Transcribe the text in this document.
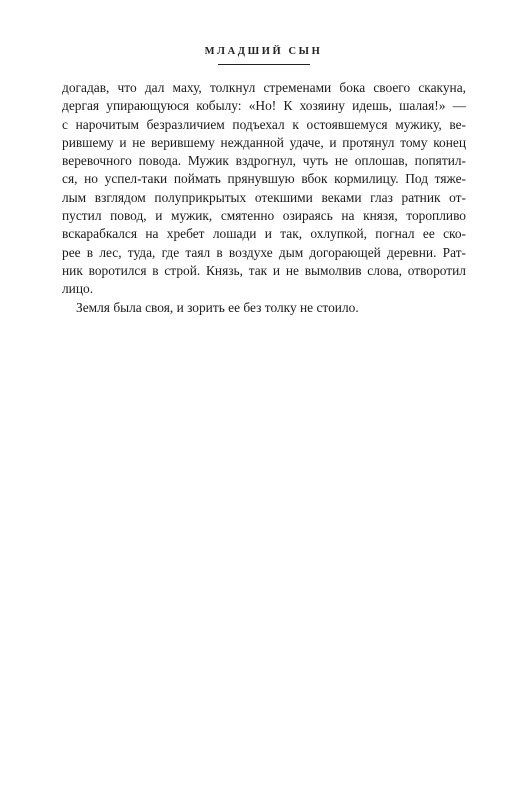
МЛАДШИЙ СЫН
догадав, что дал маху, толкнул стременами бока своего скакуна,
дергая упирающуюся кобылу: «Но! К хозяину идешь, шалая!» —
с нарочитым безразличием подъехал к остоявшемуся мужику, ве-
рившему и не верившему нежданной удаче, и протянул тому конец
веревочного повода. Мужик вздрогнул, чуть не оплошав, попятил-
ся, но успел-таки поймать прянувшую вбок кормилицу. Под тяже-
лым взглядом полуприкрытых отекшими веками глаз ратник от-
пустил повод, и мужик, смятенно озираясь на князя, торопливо
вскарабкался на хребет лошади и так, охлупкой, погнал ее ско-
рее в лес, туда, где таял в воздухе дым догорающей деревни. Рат-
ник воротился в строй. Князь, так и не вымолвив слова, отворотил
лицо.
Земля была своя, и зорить ее без толку не стоило.
